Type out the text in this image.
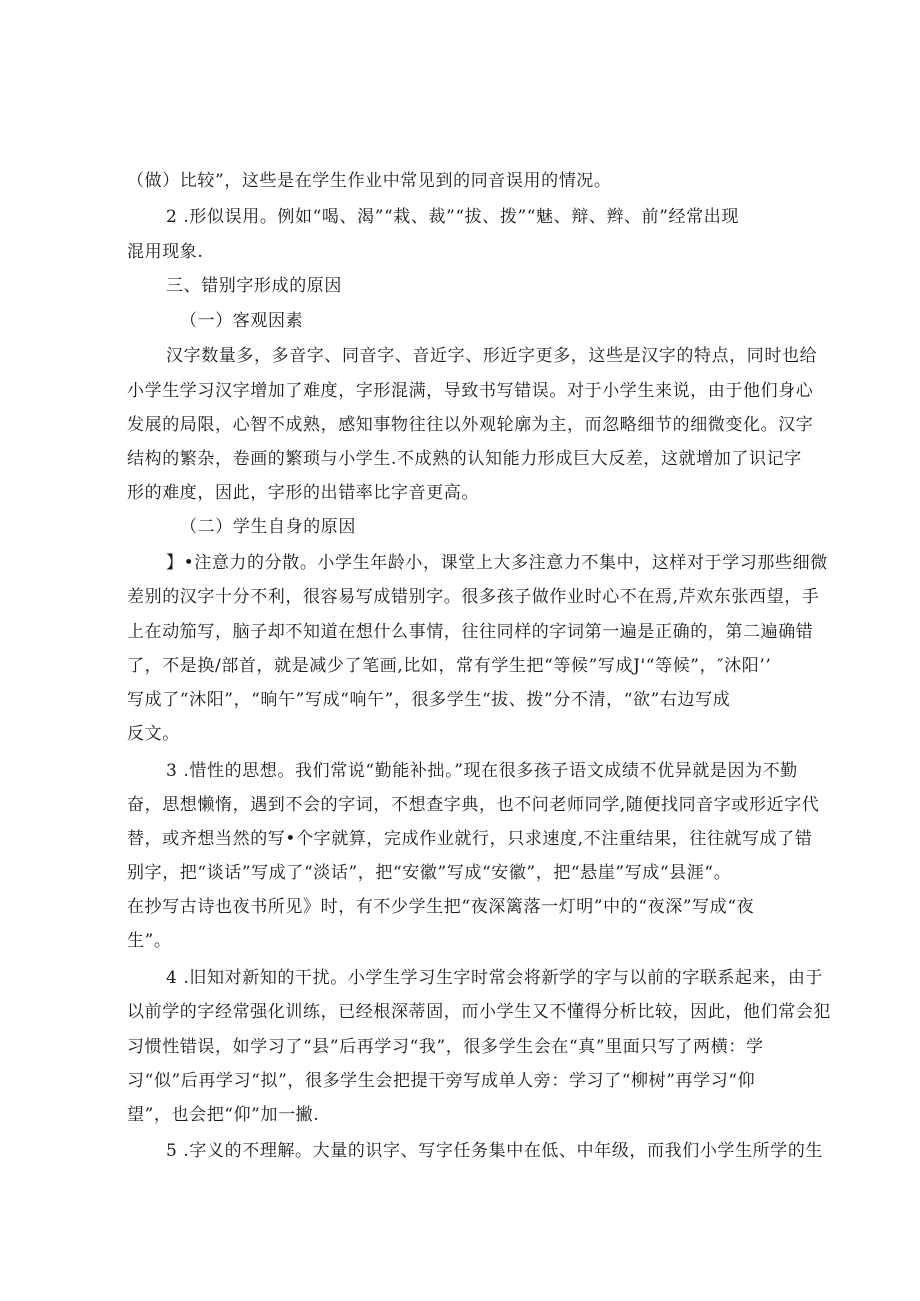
（做）比较”，这些是在学生作业中常见到的同音误用的情况。
2 .形似误用。例如“喝、渴”“栽、裁”“拔、拨”“魅、辩、辫、前”经常出现
混用现象.
三、错别字形成的原因
（一）客观因素
汉字数量多，多音字、同音字、音近字、形近字更多，这些是汉字的特点，同时也给
小学生学习汉字增加了难度，字形混满，导致书写错误。对于小学生来说，由于他们身心
发展的局限，心智不成熟，感知事物往往以外观轮廓为主，而忽略细节的细微变化。汉字
结构的繁杂，卷画的繁琐与小学生.不成熟的认知能力形成巨大反差，这就增加了识记字
形的难度，因此，字形的出错率比字音更高。
（二）学生自身的原因
】•注意力的分散。小学生年龄小，课堂上大多注意力不集中，这样对于学习那些细微
差别的汉字十分不利，很容易写成错别字。很多孩子做作业时心不在焉,芹欢东张西望，手
上在动笳写，脑子却不知道在想什么事情，往往同样的字词第一遍是正确的，第二遍确错
了，不是换/部首，就是减少了笔画,比如，常有学生把“等候”写成J'“等候”，″沐阳’’
写成了“沐阳”，“晌午”写成“响午”，很多学生“拔、拨”分不清，“欲”右边写成
反文。
3 .惜性的思想。我们常说“勤能补拙。”现在很多孩子语文成绩不优异就是因为不勤
奋，思想懒惰，遇到不会的字词，不想查字典，也不问老师同学,随便找同音字或形近字代
替，或齐想当然的写•个字就算，完成作业就行，只求速度,不注重结果，往往就写成了错
别字，把“谈话”写成了“淡话”，把“安徽”写成“安徽”，把“悬崖”写成“县涯“。
在抄写古诗也夜书所见》时，有不少学生把“夜深篱落一灯明”中的“夜深”写成“夜
生”。
4 .旧知对新知的干扰。小学生学习生字时常会将新学的字与以前的字联系起来，由于
以前学的字经常强化训练，已经根深蒂固，而小学生又不懂得分析比较，因此，他们常会犯
习惯性错误，如学习了“县”后再学习“我”，很多学生会在“真”里面只写了两横：学
习“似”后再学习“拟”，很多学生会把提干旁写成单人旁：学习了“柳树”再学习“仰
望”，也会把“仰”加一撇.
5 .字义的不理解。大量的识字、写字任务集中在低、中年级，而我们小学生所学的生
